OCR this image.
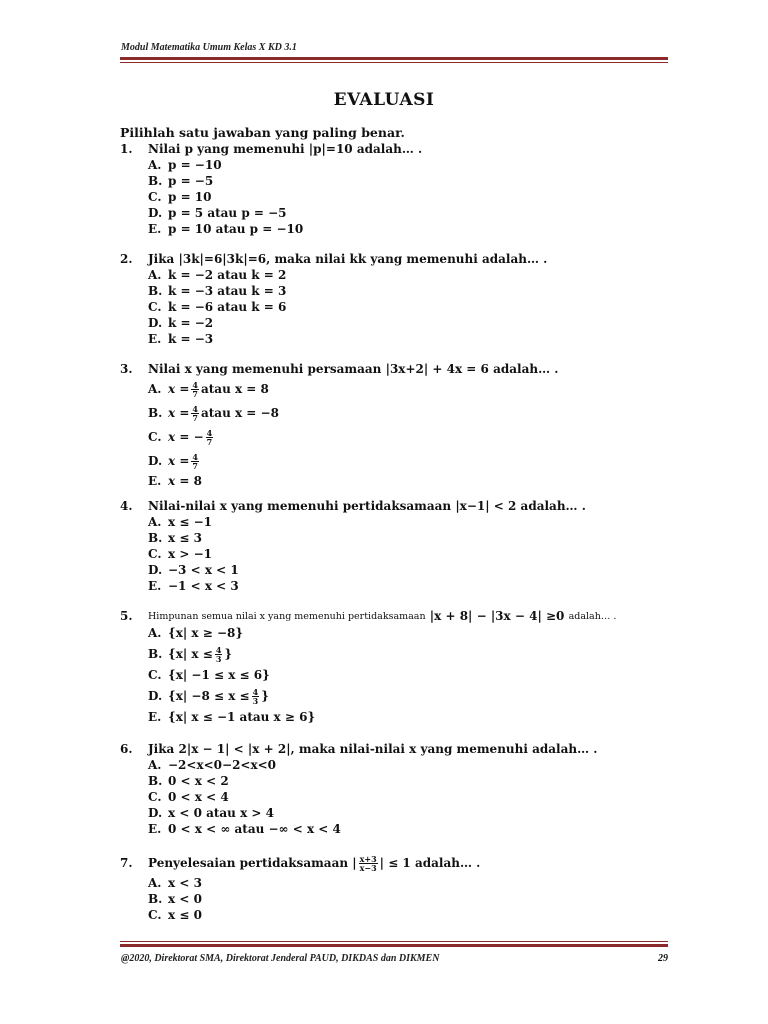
Modul Matematika Umum Kelas X KD 3.1
EVALUASI
Pilihlah satu jawaban yang paling benar.
1.	Nilai p yang memenuhi |p|=10 adalah… .
A. p = −10
B. p = −5
C. p = 10
D. p = 5 atau p = −5
E. p = 10 atau p = −10
2.	Jika |3k|=6|3k|=6, maka nilai kk yang memenuhi adalah… .
A. k = −2 atau k = 2
B. k = −3 atau k = 3
C. k = −6 atau k = 6
D. k = −2
E. k = −3
3.	Nilai x yang memenuhi persamaan |3x+2| + 4x = 6 adalah… .
A. $x = \frac{4}{7}$ atau x = 8
B. $x = \frac{4}{7}$ atau x = −8
C. x = − $\frac{4}{7}$
D. $x = \frac{4}{7}$
E. x
= 8
4.	Nilai-nilai x yang memenuhi pertidaksamaan |x−1| < 2 adalah… .
A. x ≤ −1
B. x ≤ 3
C. x > −1
D. −3 < x < 1
E. −1 < x < 3
5.	Himpunan semua nilai x yang memenuhi pertidaksamaan
|x + 8| − |3x − 4| ≥0
adalah… .
A. {x| x ≥ −8}
B. {x| $x \le \frac{4}{3}$ }
C. {x| −1 ≤ x ≤ 6}
D. {$x| -8 \le x \le \frac{4}{3}$ }
E. {x| x ≤ −1 atau x ≥ 6}
6.	Jika 2|x − 1| < |x + 2|, maka nilai-nilai x yang memenuhi adalah… .
A. −2<x<0−2<x<0
B. 0 < x < 2
C. 0 < x < 4
D. x < 0 atau x > 4
E. 0 < x < ∞ atau −∞ < x < 4
7.	Penyelesaian pertidaksamaan | $\frac{x+3}{x-3}$ | ≤ 1 adalah… .
A. x < 3
B. x < 0
C. x ≤ 0
@2020, Direktorat SMA, Direktorat Jenderal PAUD, DIKDAS dan DIKMEN	29
